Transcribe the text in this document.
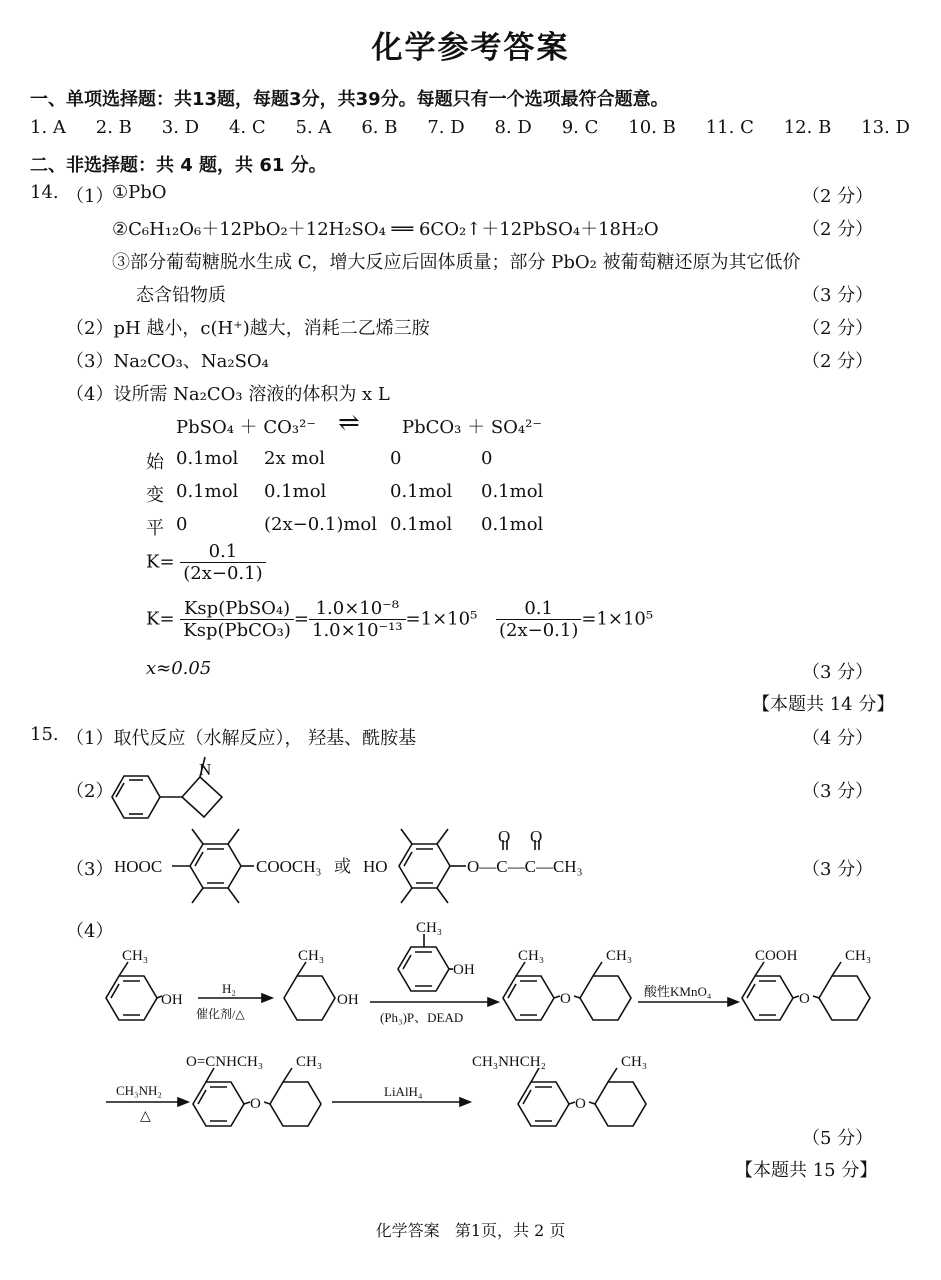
化学参考答案
一、单项选择题：共13题，每题3分，共39分。每题只有一个选项最符合题意。
1. A 2. B 3. D 4. C 5. A 6. B 7. D 8. D 9. C 10. B 11. C 12. B 13. D
二、非选择题：共 4 题，共 61 分。
14. （1）
①PbO	（2 分）
②C₆H₁₂O₆＋12PbO₂＋12H₂SO₄ ══ 6CO₂↑＋12PbSO₄＋18H₂O	（2 分）
③部分葡萄糖脱水生成 C，增大反应后固体质量；部分 PbO₂ 被葡萄糖还原为其它低价
态含铅物质	（3 分）
（2）pH 越小，c(H⁺)越大，消耗二乙烯三胺	（2 分）
（3）Na₂CO₃、Na₂SO₄	（2 分）
（4）设所需 Na₂CO₃ 溶液的体积为 x L
PbSO₄ ＋ CO₃²⁻ ⇌ PbCO₃ ＋ SO₄²⁻
始 0.1mol 2x mol	0	0
变 0.1mol 0.1mol	0.1mol 0.1mol
平 0	(2x−0.1)mol 0.1mol 0.1mol
$K= \frac{0.1}{(2x-0.1)}$
$K= \frac{\text{Ksp(PbSO₄)}}{\text{Ksp(PbCO₃)}} = \frac{\text{1.0×10⁻⁸}}{\text{1.0×10⁻¹³}} =1\times 10^5 \frac{0.1}{(2x-0.1)} =1\times 10^5$
x≈0.05	（3 分）
【本题共 14 分】
15. （1）取代反应（水解反应）， 羟基、酰胺基	（4 分）
（2）	（3 分）
（3）	（3 分）
（4）
N
HOOC	COOCH₃ 或 HO	O—C—C—CH₃
O O
CH₃
OH
H₂
催化剂/△
CH₃
OH
CH₃
OH
(Ph₃)P、DEAD
CH₃
O
CH₃
酸性KMnO₄
COOH
O
CH₃
CH₃NH₂
△
O=CNHCH₃
O
CH₃
LiAlH₄
CH₃NHCH₂
O
CH₃
（5 分）
【本题共 15 分】
化学答案   第1页，共 2 页
